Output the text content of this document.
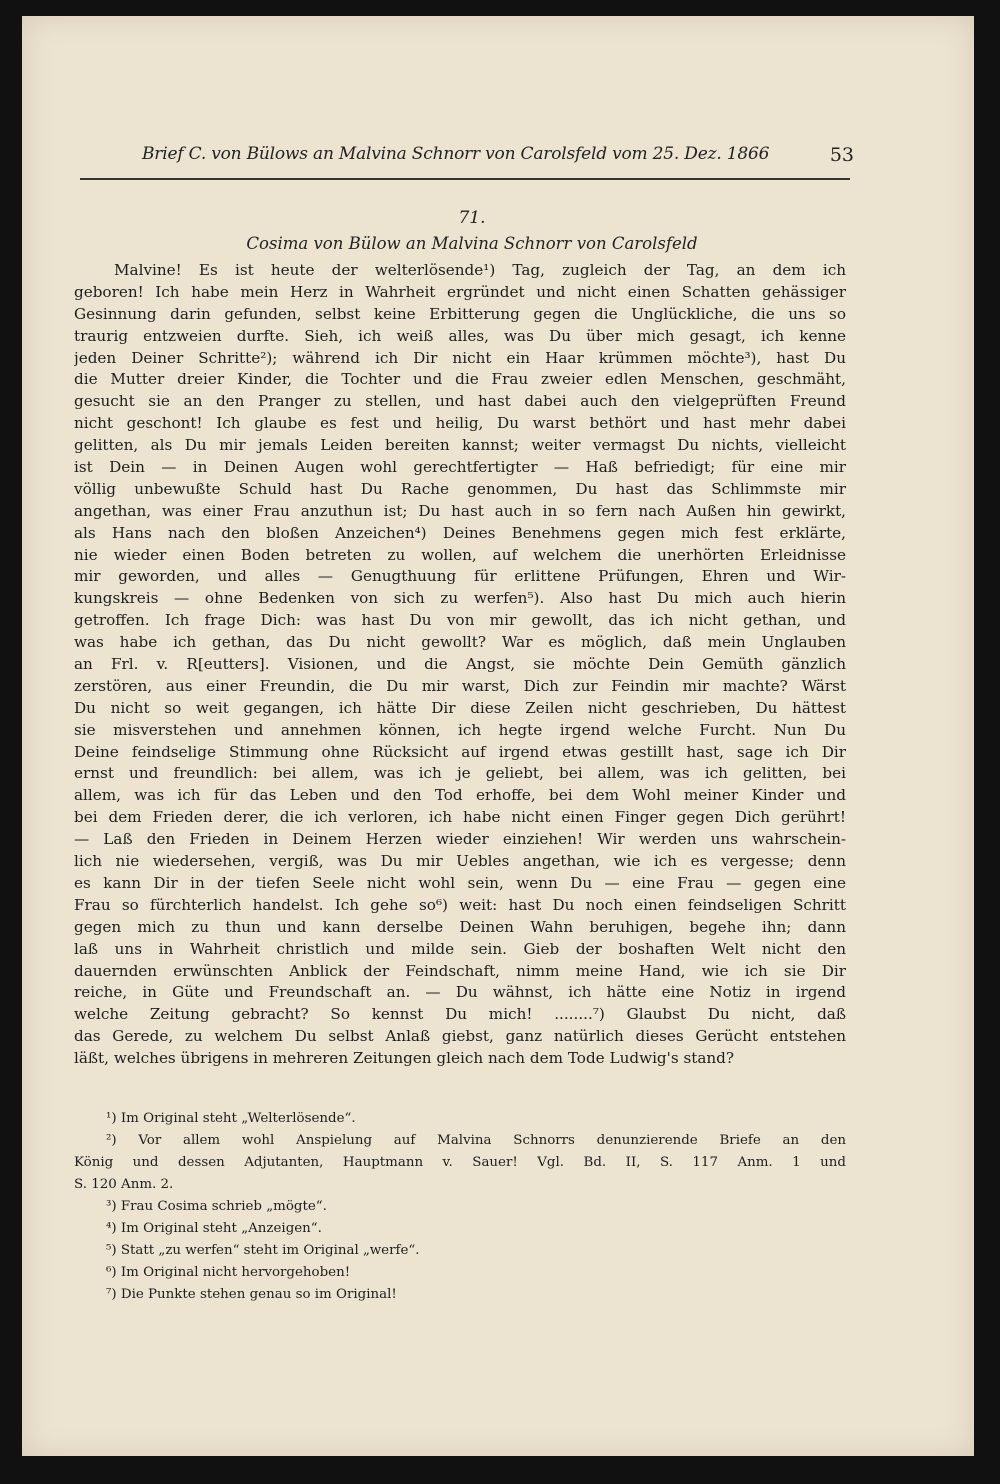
Brief C. von Bülows an Malvina Schnorr von Carolsfeld vom 25. Dez. 1866	53
71.
Cosima von Bülow an Malvina Schnorr von Carolsfeld
Malvine! Es ist heute der welterlösende¹) Tag, zugleich der Tag, an dem ich
geboren! Ich habe mein Herz in Wahrheit ergründet und nicht einen Schatten gehässiger
Gesinnung darin gefunden, selbst keine Erbitterung gegen die Unglückliche, die uns so
traurig entzweien durfte. Sieh, ich weiß alles, was Du über mich gesagt, ich kenne
jeden Deiner Schritte²); während ich Dir nicht ein Haar krümmen möchte³), hast Du
die Mutter dreier Kinder, die Tochter und die Frau zweier edlen Menschen, geschmäht,
gesucht sie an den Pranger zu stellen, und hast dabei auch den vielgeprüften Freund
nicht geschont! Ich glaube es fest und heilig, Du warst bethört und hast mehr dabei
gelitten, als Du mir jemals Leiden bereiten kannst; weiter vermagst Du nichts, vielleicht
ist Dein — in Deinen Augen wohl gerechtfertigter — Haß befriedigt; für eine mir
völlig unbewußte Schuld hast Du Rache genommen, Du hast das Schlimmste mir
angethan, was einer Frau anzuthun ist; Du hast auch in so fern nach Außen hin gewirkt,
als Hans nach den bloßen Anzeichen⁴) Deines Benehmens gegen mich fest erklärte,
nie wieder einen Boden betreten zu wollen, auf welchem die unerhörten Erleidnisse
mir geworden, und alles — Genugthuung für erlittene Prüfungen, Ehren und Wir-
kungskreis — ohne Bedenken von sich zu werfen⁵). Also hast Du mich auch hierin
getroffen. Ich frage Dich: was hast Du von mir gewollt, das ich nicht gethan, und
was habe ich gethan, das Du nicht gewollt? War es möglich, daß mein Unglauben
an Frl. v. R[eutters]. Visionen, und die Angst, sie möchte Dein Gemüth gänzlich
zerstören, aus einer Freundin, die Du mir warst, Dich zur Feindin mir machte? Wärst
Du nicht so weit gegangen, ich hätte Dir diese Zeilen nicht geschrieben, Du hättest
sie misverstehen und annehmen können, ich hegte irgend welche Furcht. Nun Du
Deine feindselige Stimmung ohne Rücksicht auf irgend etwas gestillt hast, sage ich Dir
ernst und freundlich: bei allem, was ich je geliebt, bei allem, was ich gelitten, bei
allem, was ich für das Leben und den Tod erhoffe, bei dem Wohl meiner Kinder und
bei dem Frieden derer, die ich verloren, ich habe nicht einen Finger gegen Dich gerührt!
— Laß den Frieden in Deinem Herzen wieder einziehen! Wir werden uns wahrschein-
lich nie wiedersehen, vergiß, was Du mir Uebles angethan, wie ich es vergesse; denn
es kann Dir in der tiefen Seele nicht wohl sein, wenn Du — eine Frau — gegen eine
Frau so fürchterlich handelst. Ich gehe so⁶) weit: hast Du noch einen feindseligen Schritt
gegen mich zu thun und kann derselbe Deinen Wahn beruhigen, begehe ihn; dann
laß uns in Wahrheit christlich und milde sein. Gieb der boshaften Welt nicht den
dauernden erwünschten Anblick der Feindschaft, nimm meine Hand, wie ich sie Dir
reiche, in Güte und Freundschaft an. — Du wähnst, ich hätte eine Notiz in irgend
welche Zeitung gebracht? So kennst Du mich! ........⁷) Glaubst Du nicht, daß
das Gerede, zu welchem Du selbst Anlaß giebst, ganz natürlich dieses Gerücht entstehen
läßt, welches übrigens in mehreren Zeitungen gleich nach dem Tode Ludwig's stand?
¹) Im Original steht „Welterlösende“.
²) Vor allem wohl Anspielung auf Malvina Schnorrs denunzierende Briefe an den
König und dessen Adjutanten, Hauptmann v. Sauer! Vgl. Bd. II, S. 117 Anm. 1 und
S. 120 Anm. 2.
³) Frau Cosima schrieb „mögte“.
⁴) Im Original steht „Anzeigen“.
⁵) Statt „zu werfen“ steht im Original „werfe“.
⁶) Im Original nicht hervorgehoben!
⁷) Die Punkte stehen genau so im Original!
